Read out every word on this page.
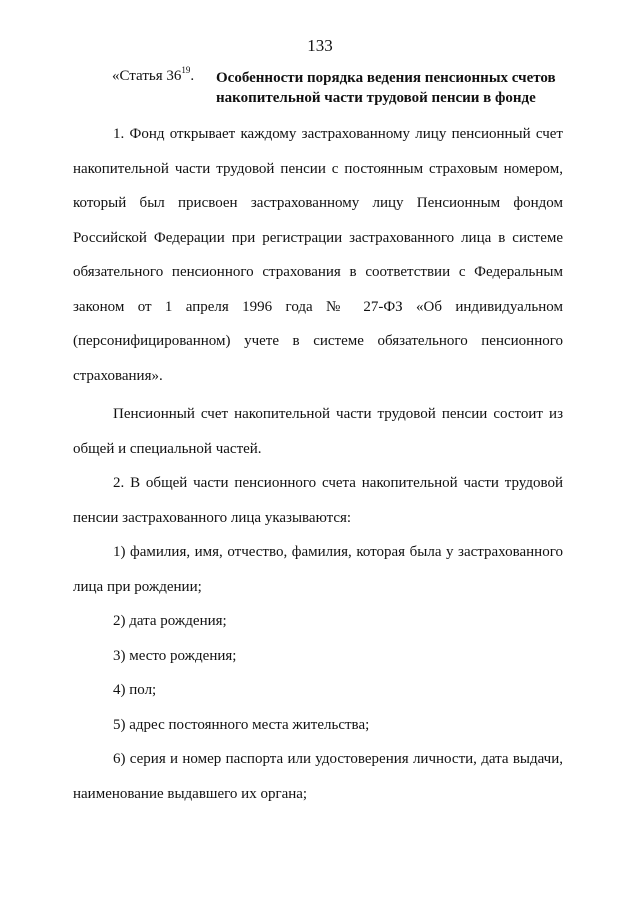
133
«Статья $36^{19}$. Особенности порядка ведения пенсионных счетов
накопительной части трудовой пенсии в фонде
1. Фонд открывает каждому застрахованному лицу пенсионный счет
накопительной части трудовой пенсии с постоянным страховым номером,
который был присвоен застрахованному лицу Пенсионным фондом
Российской Федерации при регистрации застрахованного лица в системе
обязательного пенсионного страхования в соответствии с Федеральным
законом от 1 апреля 1996 года № 27-ФЗ «Об индивидуальном
(персонифицированном) учете в системе обязательного пенсионного
страхования».
Пенсионный счет накопительной части трудовой пенсии состоит из
общей и специальной частей.
2. В общей части пенсионного счета накопительной части трудовой
пенсии застрахованного лица указываются:
1) фамилия, имя, отчество, фамилия, которая была у застрахованного
лица при рождении;
2) дата рождения;
3) место рождения;
4) пол;
5) адрес постоянного места жительства;
6) серия и номер паспорта или удостоверения личности, дата выдачи,
наименование выдавшего их органа;
